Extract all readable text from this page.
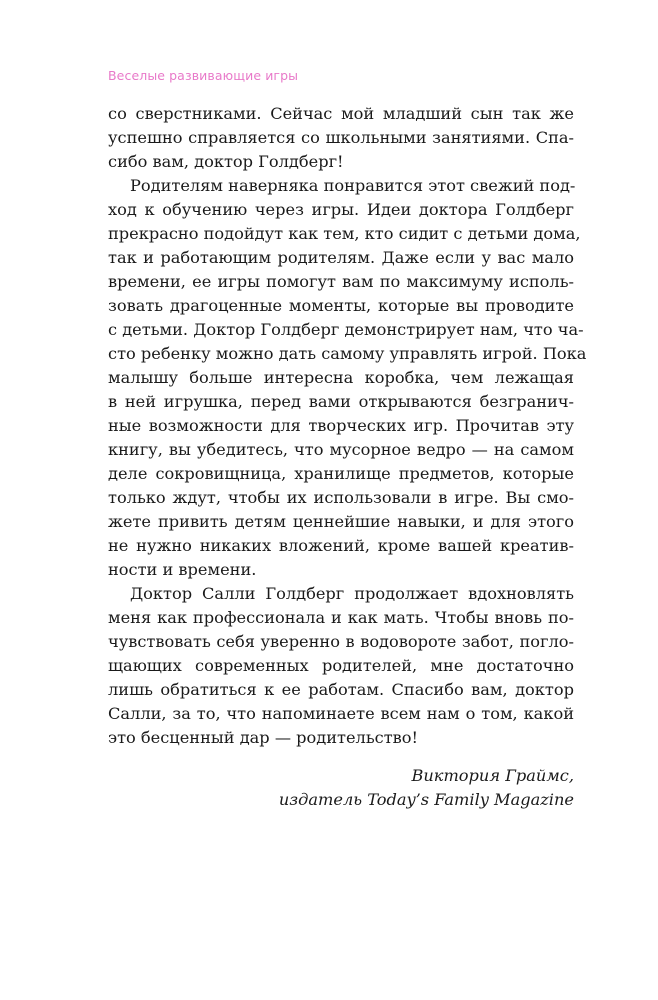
Веселые развивающие игры
со сверстниками. Сейчас мой младший сын так же
успешно справляется со школьными занятиями. Спа-
сибо вам, доктор Голдберг!
Родителям наверняка понравится этот свежий под-
ход к обучению через игры. Идеи доктора Голдберг
прекрасно подойдут как тем, кто сидит с детьми дома,
так и работающим родителям. Даже если у вас мало
времени, ее игры помогут вам по максимуму исполь-
зовать драгоценные моменты, которые вы проводите
с детьми. Доктор Голдберг демонстрирует нам, что ча-
сто ребенку можно дать самому управлять игрой. Пока
малышу больше интересна коробка, чем лежащая
в ней игрушка, перед вами открываются безгранич-
ные возможности для творческих игр. Прочитав эту
книгу, вы убедитесь, что мусорное ведро — на самом
деле сокровищница, хранилище предметов, которые
только ждут, чтобы их использовали в игре. Вы смо-
жете привить детям ценнейшие навыки, и для этого
не нужно никаких вложений, кроме вашей креатив-
ности и времени.
Доктор Салли Голдберг продолжает вдохновлять
меня как профессионала и как мать. Чтобы вновь по-
чувствовать себя уверенно в водовороте забот, погло-
щающих современных родителей, мне достаточно
лишь обратиться к ее работам. Спасибо вам, доктор
Салли, за то, что напоминаете всем нам о том, какой
это бесценный дар — родительство!
Виктория Граймс,
издатель Today’s Family Magazine
